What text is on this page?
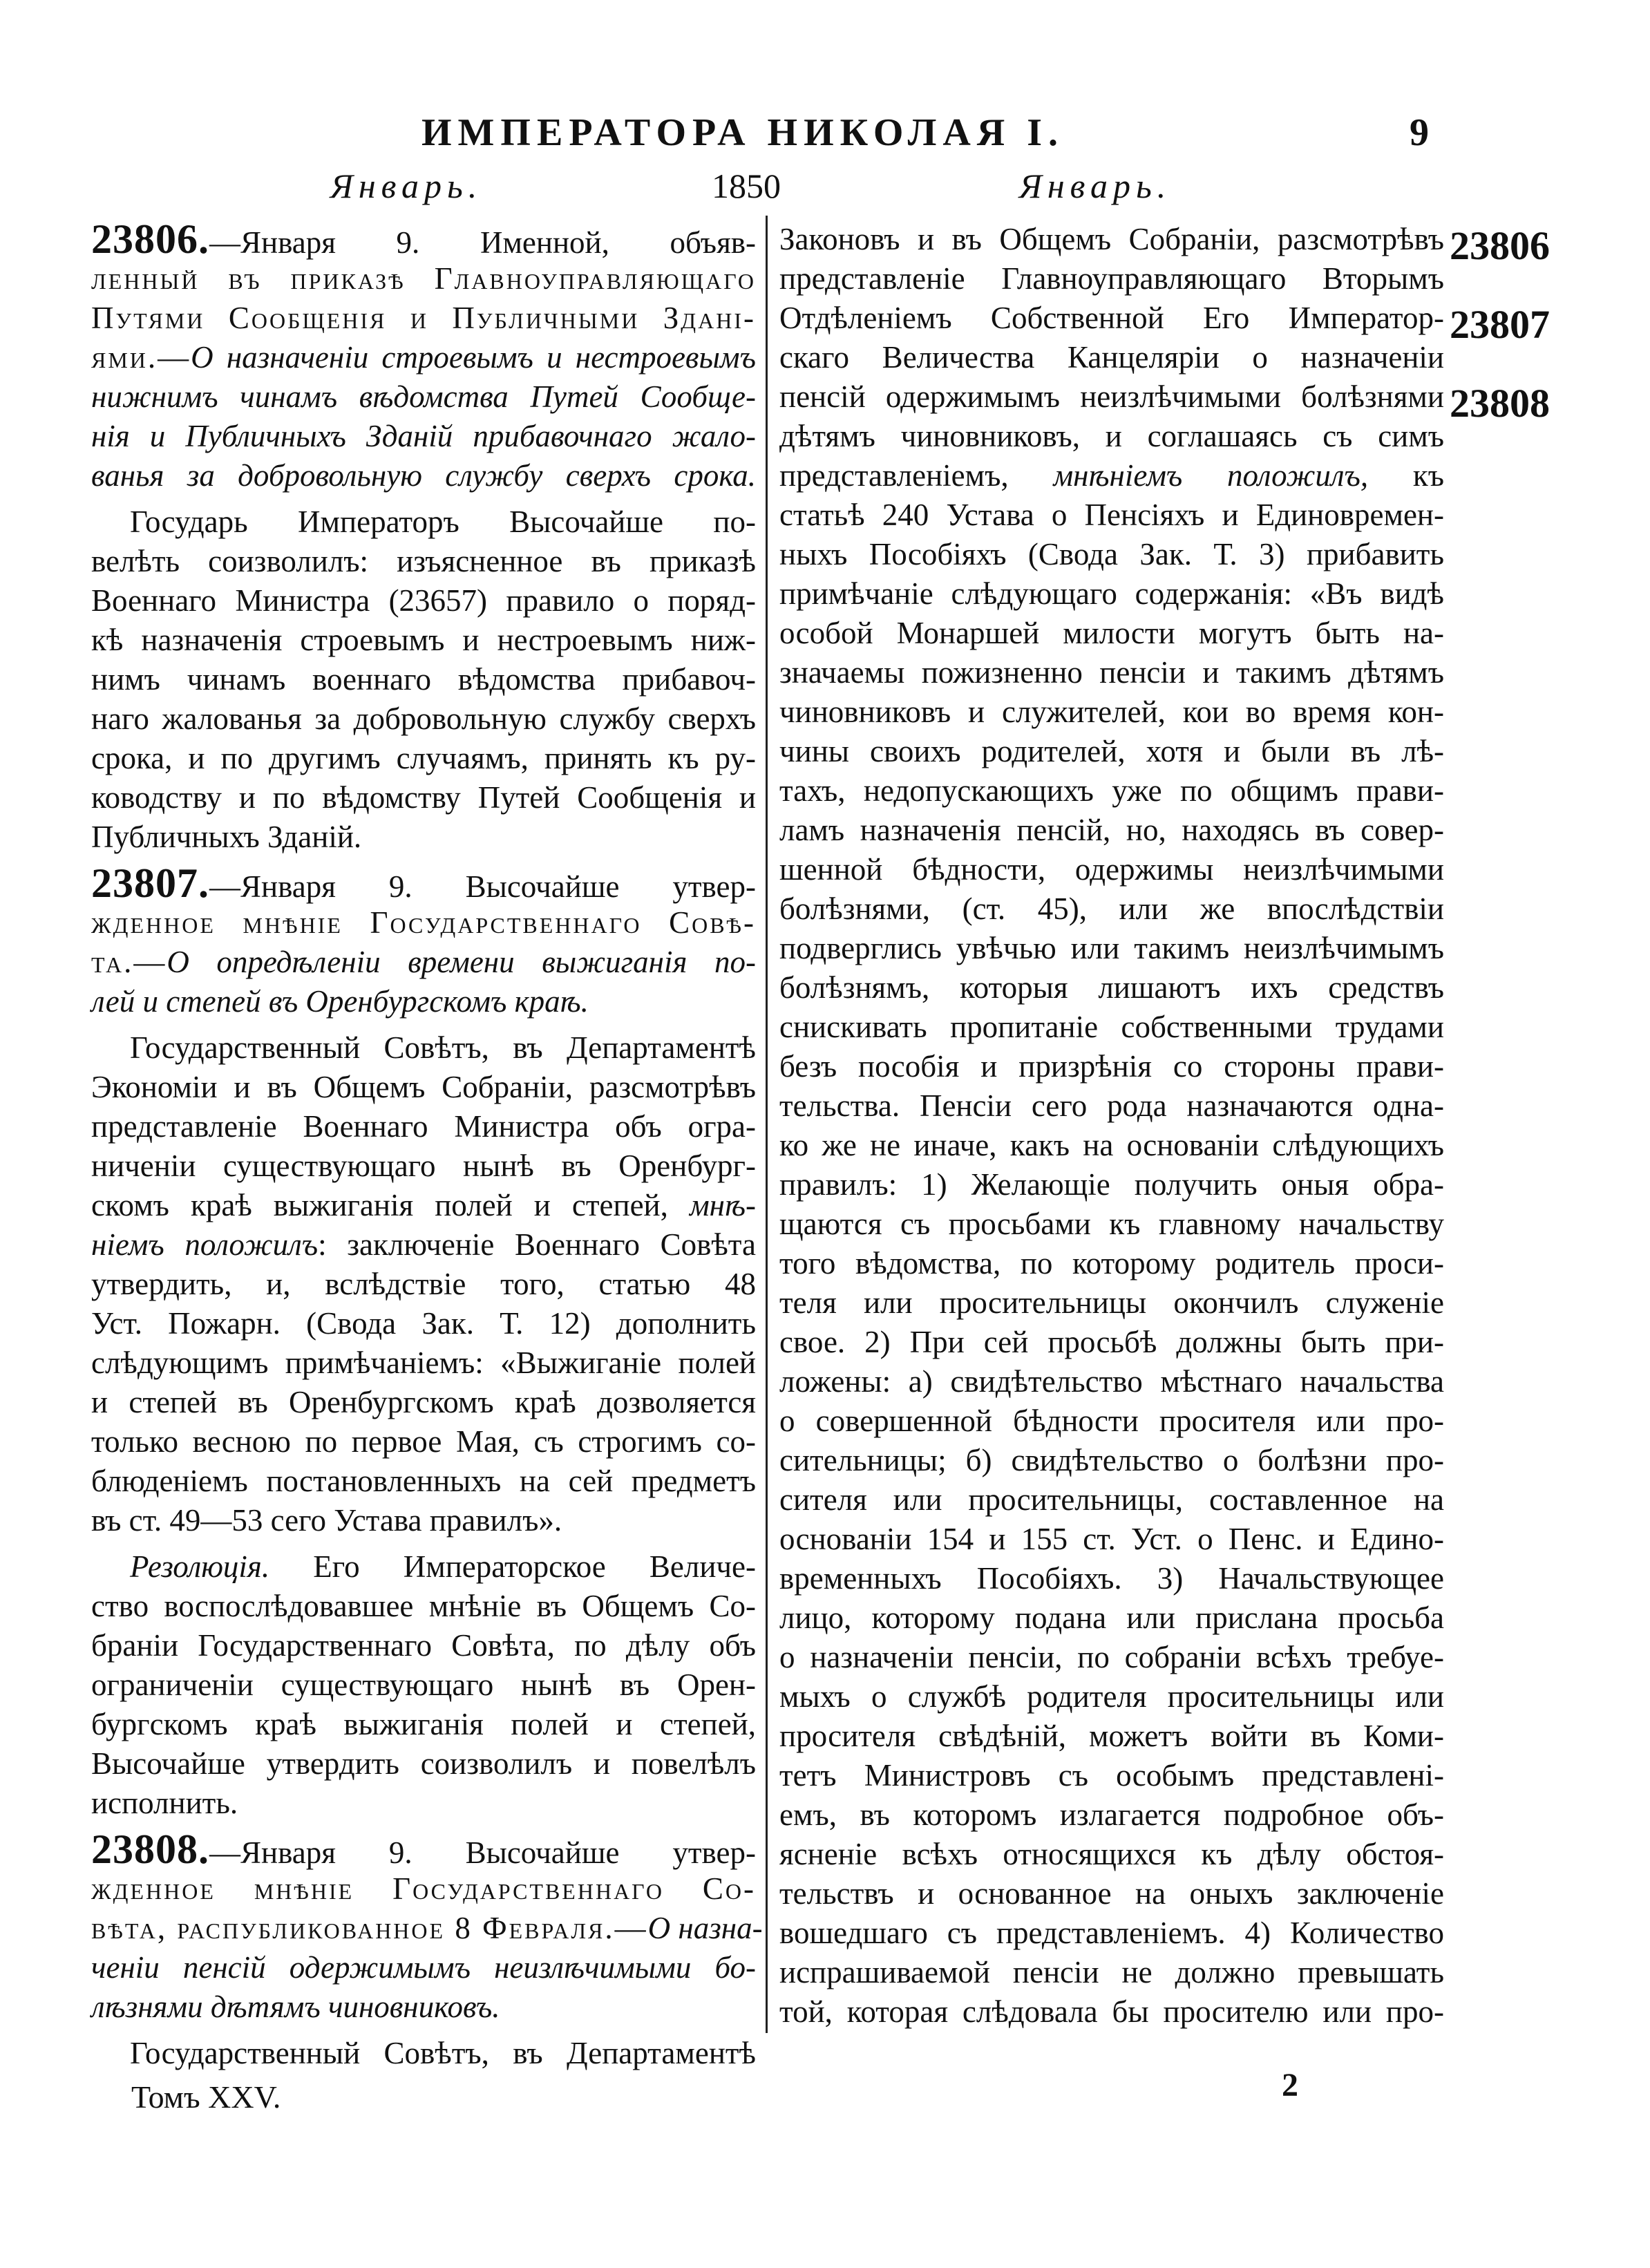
ИМПЕРАТОРА НИКОЛАЯ I.	9
Январь.	1850	Январь.
23806.—Января 9. Именной, объяв-
ленный въ приказѣ Главноуправляющаго
Путями Сообщенія и Публичными Здані-
ями.—О назначеніи строевымъ и нестроевымъ
нижнимъ чинамъ вѣдомства Путей Сообще-
нія и Публичныхъ Зданій прибавочнаго жало-
ванья за добровольную службу сверхъ срока.
Государь Императоръ Высочайше по-
велѣть соизволилъ: изъясненное въ приказѣ
Военнаго Министра (23657) правило о поряд-
кѣ назначенія строевымъ и нестроевымъ ниж-
нимъ чинамъ военнаго вѣдомства прибавоч-
наго жалованья за добровольную службу сверхъ
срока, и по другимъ случаямъ, принять къ ру-
ководству и по вѣдомству Путей Сообщенія и
Публичныхъ Зданій.
23807.—Января 9. Высочайше утвер-
жденное мнѣніе Государственнаго Совѣ-
та.—О опредѣленіи времени выжиганія по-
лей и степей въ Оренбургскомъ краѣ.
Государственный Совѣтъ, въ Департаментѣ
Экономіи и въ Общемъ Собраніи, разсмотрѣвъ
представленіе Военнаго Министра объ огра-
ниченіи существующаго нынѣ въ Оренбург-
скомъ краѣ выжиганія полей и степей, мнѣ-
ніемъ положилъ: заключеніе Военнаго Совѣта
утвердить, и, вслѣдствіе того, статью 48
Уст. Пожарн. (Свода Зак. Т. 12) дополнить
слѣдующимъ примѣчаніемъ: «Выжиганіе полей
и степей въ Оренбургскомъ краѣ дозволяется
только весною по первое Мая, съ строгимъ со-
блюденіемъ постановленныхъ на сей предметъ
въ ст. 49—53 сего Устава правилъ».
Резолюція. Его Императорское Величе-
ство воспослѣдовавшее мнѣніе въ Общемъ Со-
браніи Государственнаго Совѣта, по дѣлу объ
ограниченіи существующаго нынѣ въ Орен-
бургскомъ краѣ выжиганія полей и степей,
Высочайше утвердить соизволилъ и повелѣлъ
исполнить.
23808.—Января 9. Высочайше утвер-
жденное мнѣніе Государственнаго Со-
вѣта, распубликованное 8 Февраля.—О назна-
ченіи пенсій одержимымъ неизлѣчимыми бо-
лѣзнями дѣтямъ чиновниковъ.
Государственный Совѣтъ, въ Департаментѣ
Законовъ и въ Общемъ Собраніи, разсмотрѣвъ
представленіе Главноуправляющаго Вторымъ
Отдѣленіемъ Собственной Его Император-
скаго Величества Канцеляріи о назначеніи
пенсій одержимымъ неизлѣчимыми болѣзнями
дѣтямъ чиновниковъ, и соглашаясь съ симъ
представленіемъ, мнѣніемъ положилъ, къ
статьѣ 240 Устава о Пенсіяхъ и Единовремен-
ныхъ Пособіяхъ (Свода Зак. Т. 3) прибавить
примѣчаніе слѣдующаго содержанія: «Въ видѣ
особой Монаршей милости могутъ быть на-
значаемы пожизненно пенсіи и такимъ дѣтямъ
чиновниковъ и служителей, кои во время кон-
чины своихъ родителей, хотя и были въ лѣ-
тахъ, недопускающихъ уже по общимъ прави-
ламъ назначенія пенсій, но, находясь въ совер-
шенной бѣдности, одержимы неизлѣчимыми
болѣзнями, (ст. 45), или же впослѣдствіи
подверглись увѣчью или такимъ неизлѣчимымъ
болѣзнямъ, которыя лишаютъ ихъ средствъ
снискивать пропитаніе собственными трудами
безъ пособія и призрѣнія со стороны прави-
тельства. Пенсіи сего рода назначаются одна-
ко же не иначе, какъ на основаніи слѣдующихъ
правилъ: 1) Желающіе получить оныя обра-
щаются съ просьбами къ главному начальству
того вѣдомства, по которому родитель проси-
теля или просительницы окончилъ служеніе
свое. 2) При сей просьбѣ должны быть при-
ложены: а) свидѣтельство мѣстнаго начальства
о совершенной бѣдности просителя или про-
сительницы; б) свидѣтельство о болѣзни про-
сителя или просительницы, составленное на
основаніи 154 и 155 ст. Уст. о Пенс. и Едино-
временныхъ Пособіяхъ. 3) Начальствующее
лицо, которому подана или прислана просьба
о назначеніи пенсіи, по собраніи всѣхъ требуе-
мыхъ о службѣ родителя просительницы или
просителя свѣдѣній, можетъ войти въ Коми-
тетъ Министровъ съ особымъ представлені-
емъ, въ которомъ излагается подробное объ-
ясненіе всѣхъ относящихся къ дѣлу обстоя-
тельствъ и основанное на оныхъ заключеніе
вошедшаго съ представленіемъ. 4) Количество
испрашиваемой пенсіи не должно превышать
той, которая слѣдовала бы просителю или про-
23806
23807
23808
Томъ XXV.	2
